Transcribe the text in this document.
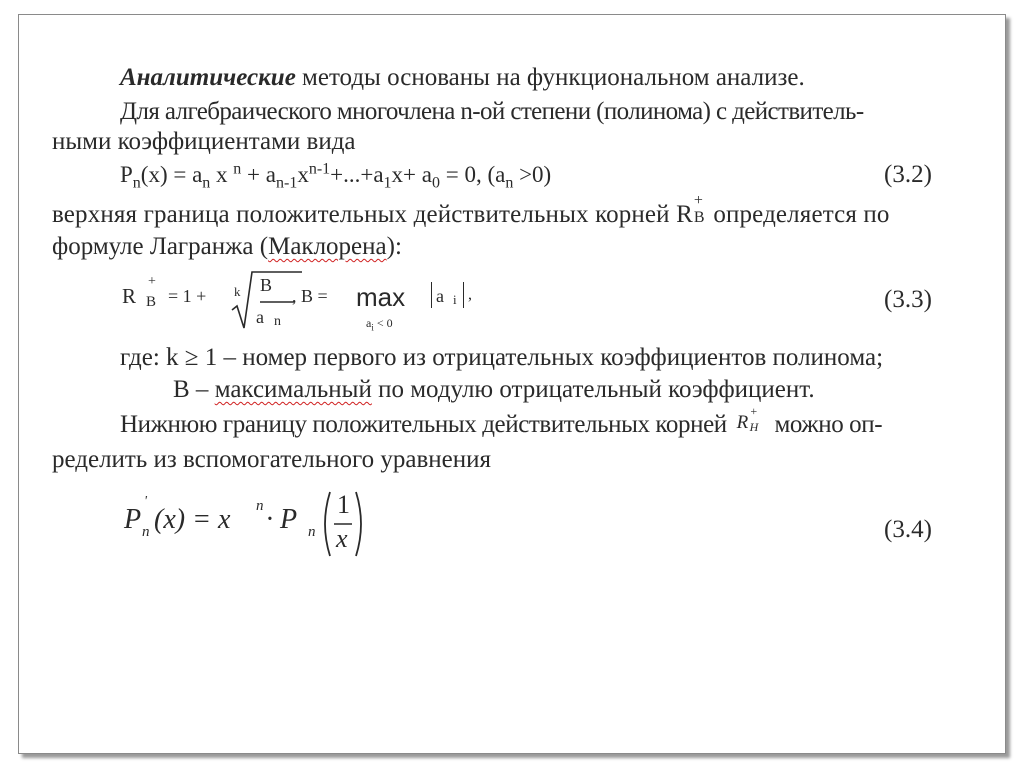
Аналитические методы основаны на функциональном анализе.
Для алгебраического многочлена n-ой степени (полинома) с действитель-
ными коэффициентами вида
$P_n(x) = a_n$ x $^n + a_{n-1}x^{n-1}+...+a_1x+ a_0 = 0$, $(a_n >0)$	(3.2)
верхняя граница положительных действительных корней R
+
B определяется по
формуле Лагранжа (Маклорена):
R
+
B = 1 + k B
a n
, B = max
$a_i < 0$
a i ,	(3.3)
где: k ≥ 1 – номер первого из отрицательных коэффициентов полинома;
B – максимальный по модулю отрицательный коэффициент.
Нижнюю границу положительных действительных корней R
+
H можно оп-
ределить из вспомогательного уравнения
P
'
n (x) = x n · P n
1
x	(3.4)
